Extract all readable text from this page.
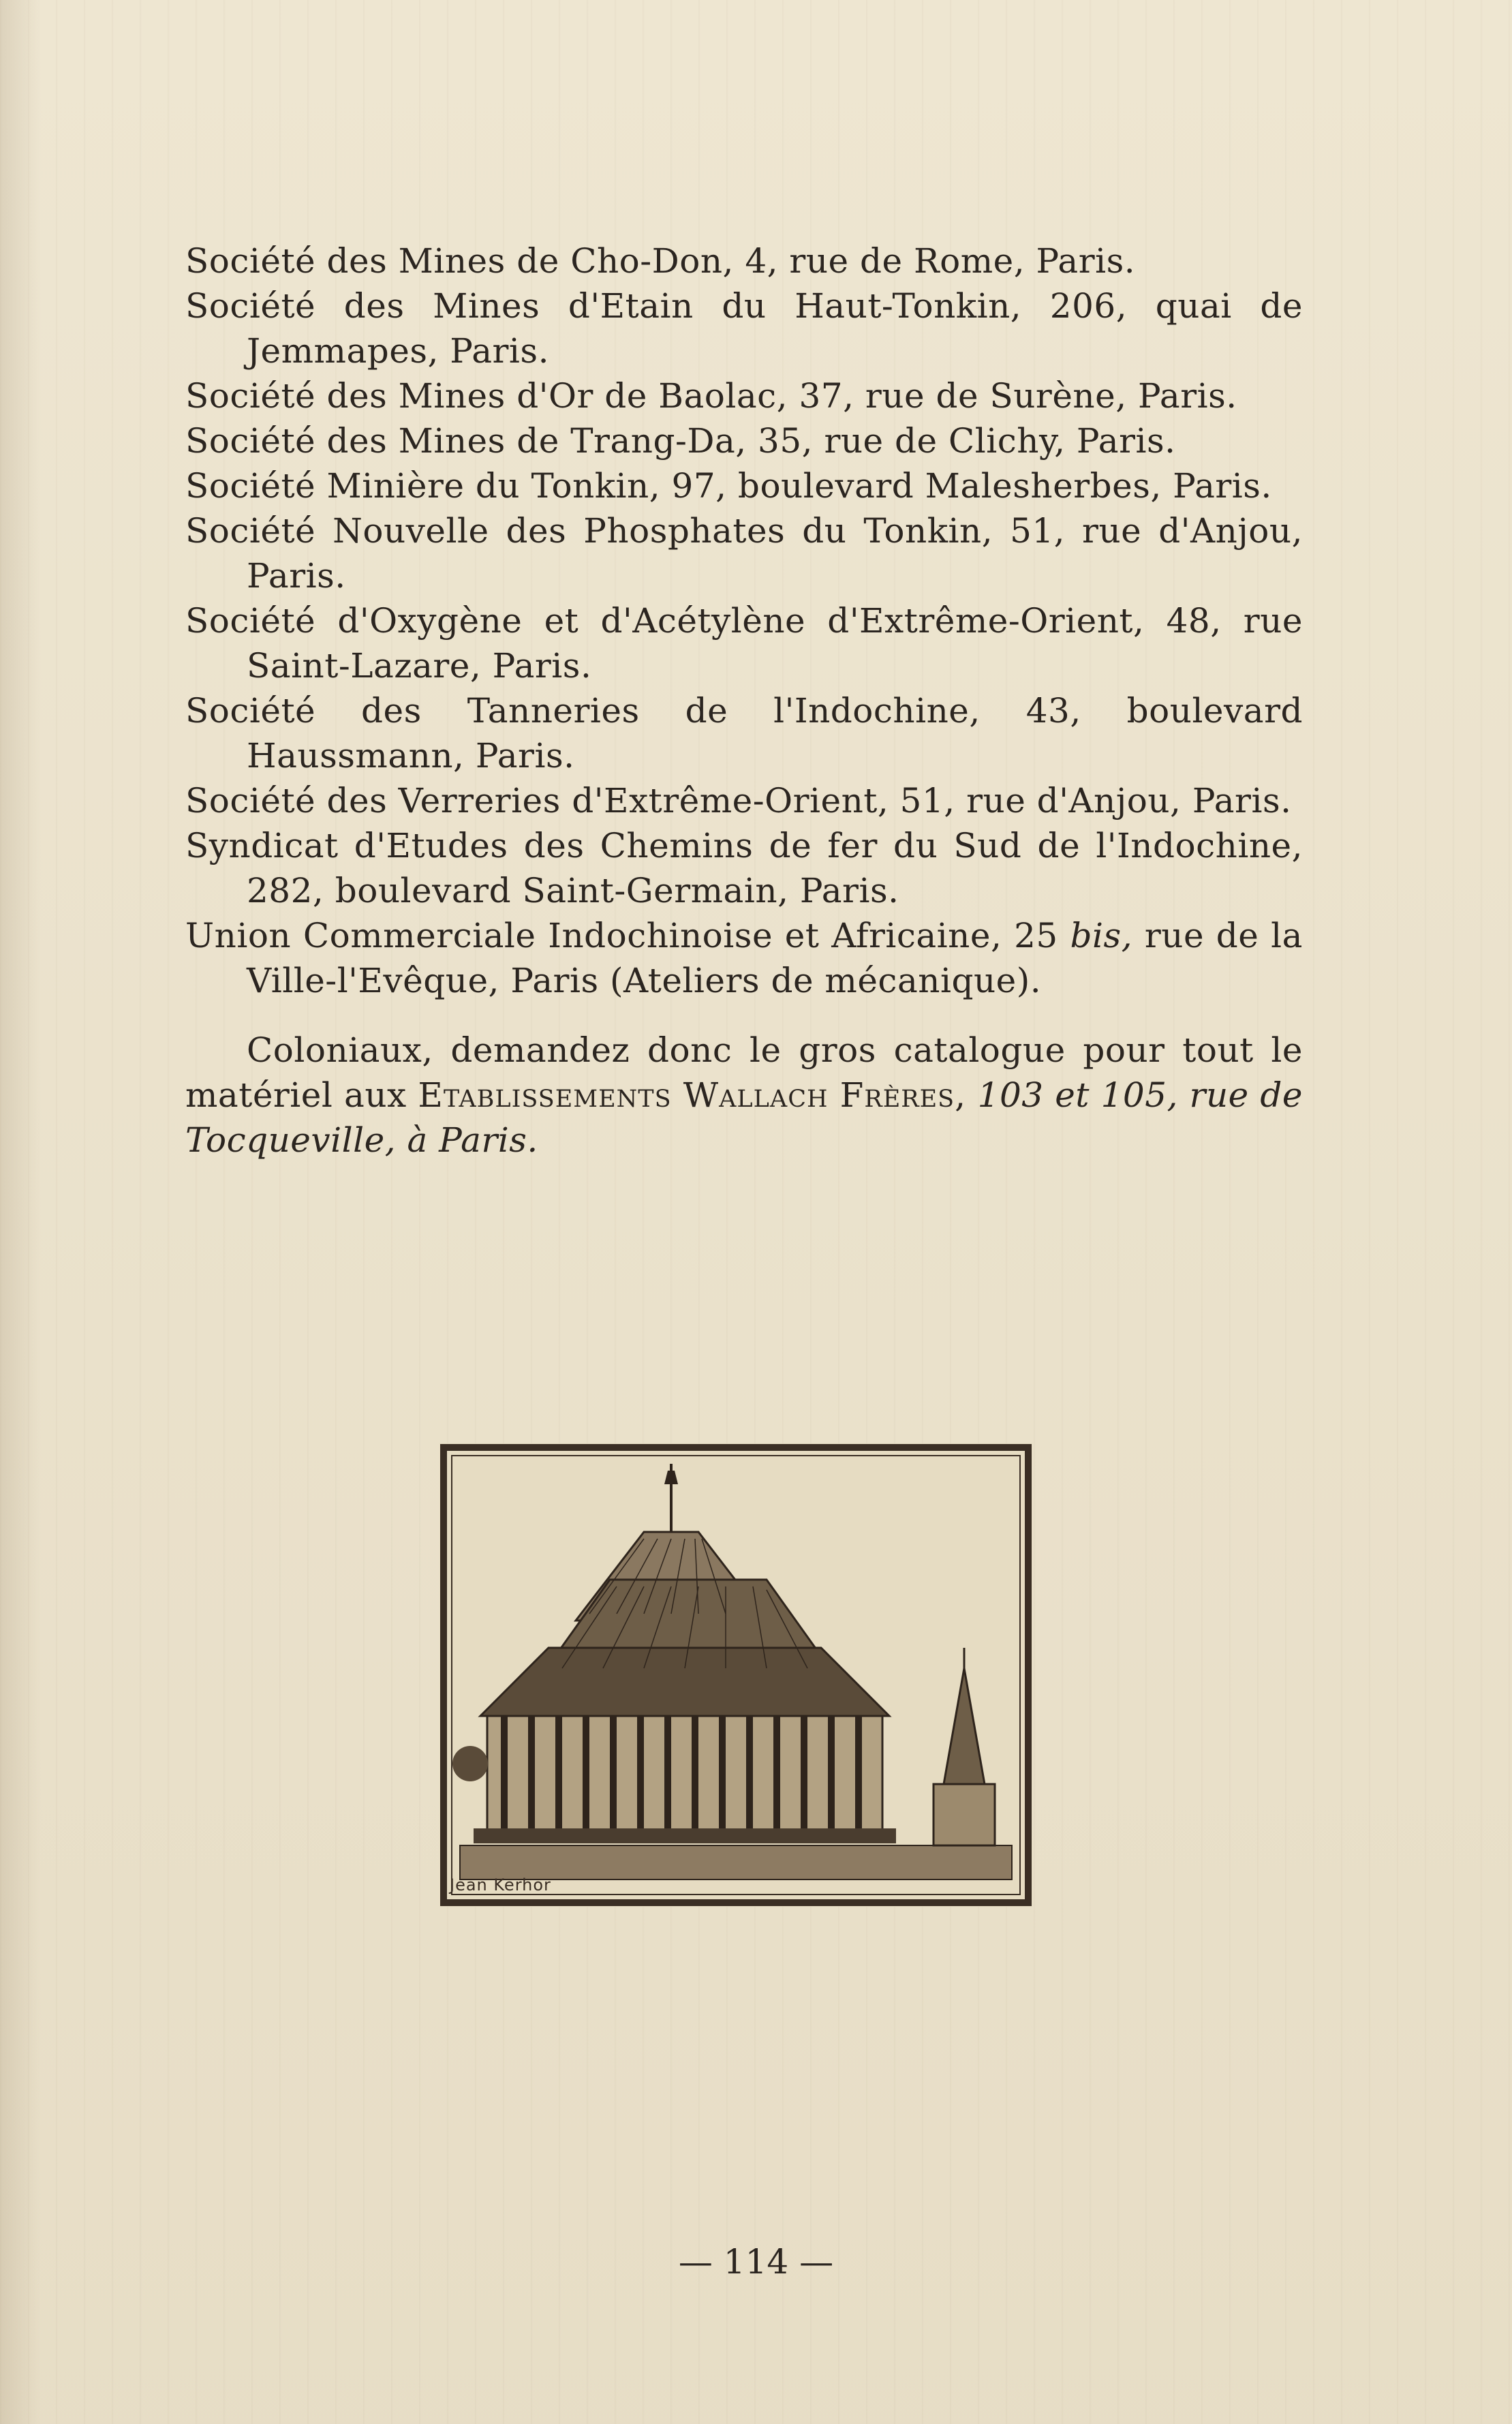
Société des Mines de Cho-Don, 4, rue de Rome, Paris.

Société des Mines d'Etain du Haut-Tonkin, 206, quai de Jemmapes, Paris.

Société des Mines d'Or de Baolac, 37, rue de Surène, Paris.

Société des Mines de Trang-Da, 35, rue de Clichy, Paris.

Société Minière du Tonkin, 97, boulevard Malesherbes, Paris.

Société Nouvelle des Phosphates du Tonkin, 51, rue d'Anjou, Paris.

Société d'Oxygène et d'Acétylène d'Extrême-Orient, 48, rue Saint-Lazare, Paris.

Société des Tanneries de l'Indochine, 43, boulevard Haussmann, Paris.

Société des Verreries d'Extrême-Orient, 51, rue d'Anjou, Paris.

Syndicat d'Etudes des Chemins de fer du Sud de l'Indochine, 282, boulevard Saint-Germain, Paris.

Union Commerciale Indochinoise et Africaine, 25 bis, rue de la Ville-l'Evêque, Paris (Ateliers de mécanique).

Coloniaux, demandez donc le gros catalogue pour tout le matériel aux Etablissements Wallach Frères, 103 et 105, rue de Tocqueville, à Paris.

Jean Kerhor
— 114 —
